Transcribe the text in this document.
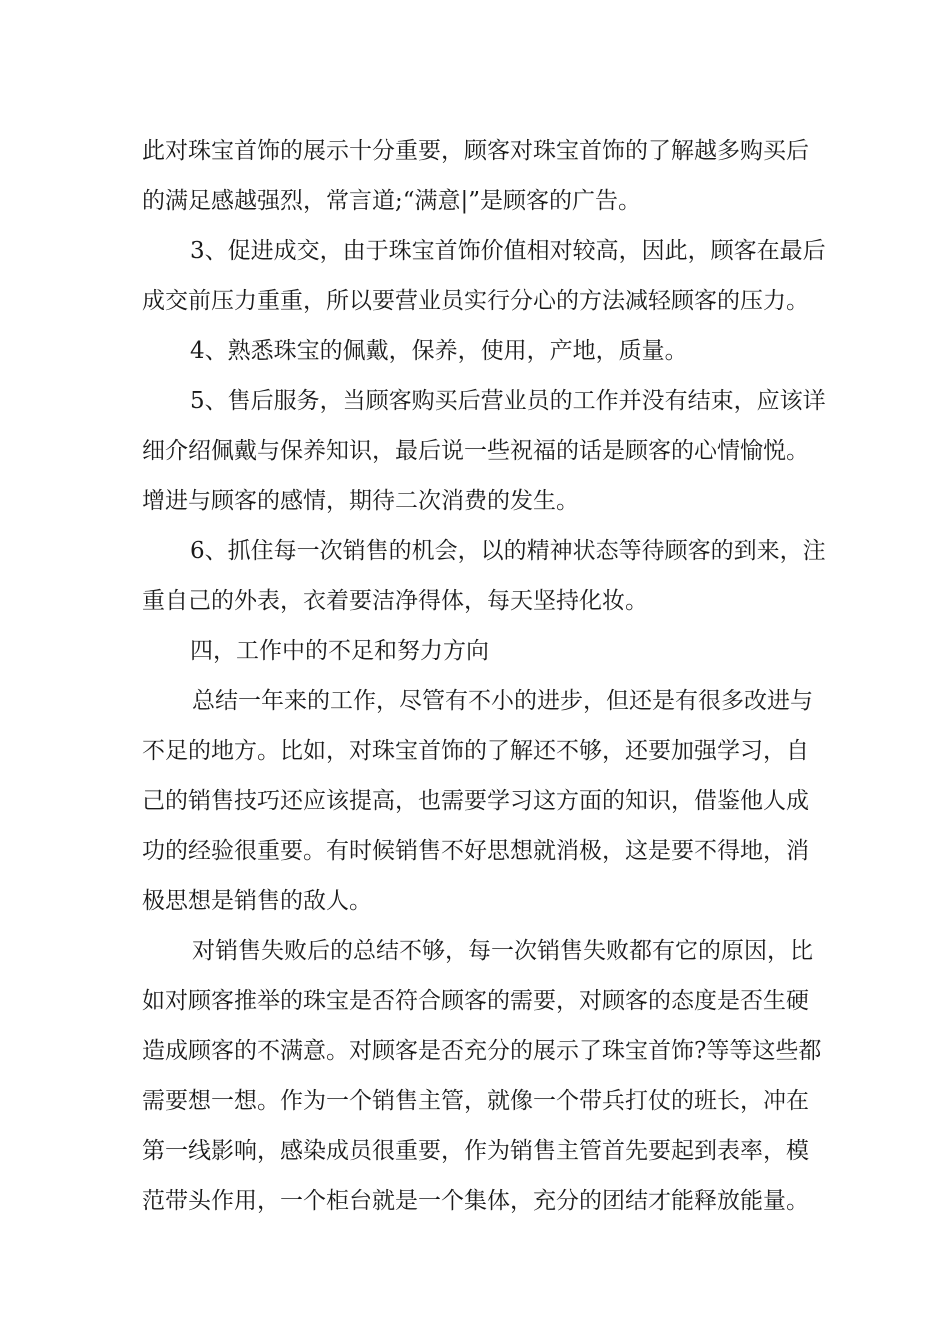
此对珠宝首饰的展示十分重要，顾客对珠宝首饰的了解越多购买后
的满足感越强烈，常言道;“满意|”是顾客的广告。
3、促进成交，由于珠宝首饰价值相对较高，因此，顾客在最后
成交前压力重重，所以要营业员实行分心的方法减轻顾客的压力。
4、熟悉珠宝的佩戴，保养，使用，产地，质量。
5、售后服务，当顾客购买后营业员的工作并没有结束，应该详
细介绍佩戴与保养知识，最后说一些祝福的话是顾客的心情愉悦。
增进与顾客的感情，期待二次消费的发生。
6、抓住每一次销售的机会，以的精神状态等待顾客的到来，注
重自己的外表，衣着要洁净得体，每天坚持化妆。
四，工作中的不足和努力方向
总结一年来的工作，尽管有不小的进步，但还是有很多改进与
不足的地方。比如，对珠宝首饰的了解还不够，还要加强学习，自
己的销售技巧还应该提高，也需要学习这方面的知识，借鉴他人成
功的经验很重要。有时候销售不好思想就消极，这是要不得地，消
极思想是销售的敌人。
对销售失败后的总结不够，每一次销售失败都有它的原因，比
如对顾客推举的珠宝是否符合顾客的需要，对顾客的态度是否生硬
造成顾客的不满意。对顾客是否充分的展示了珠宝首饰?等等这些都
需要想一想。作为一个销售主管，就像一个带兵打仗的班长，冲在
第一线影响，感染成员很重要，作为销售主管首先要起到表率，模
范带头作用，一个柜台就是一个集体，充分的团结才能释放能量。
